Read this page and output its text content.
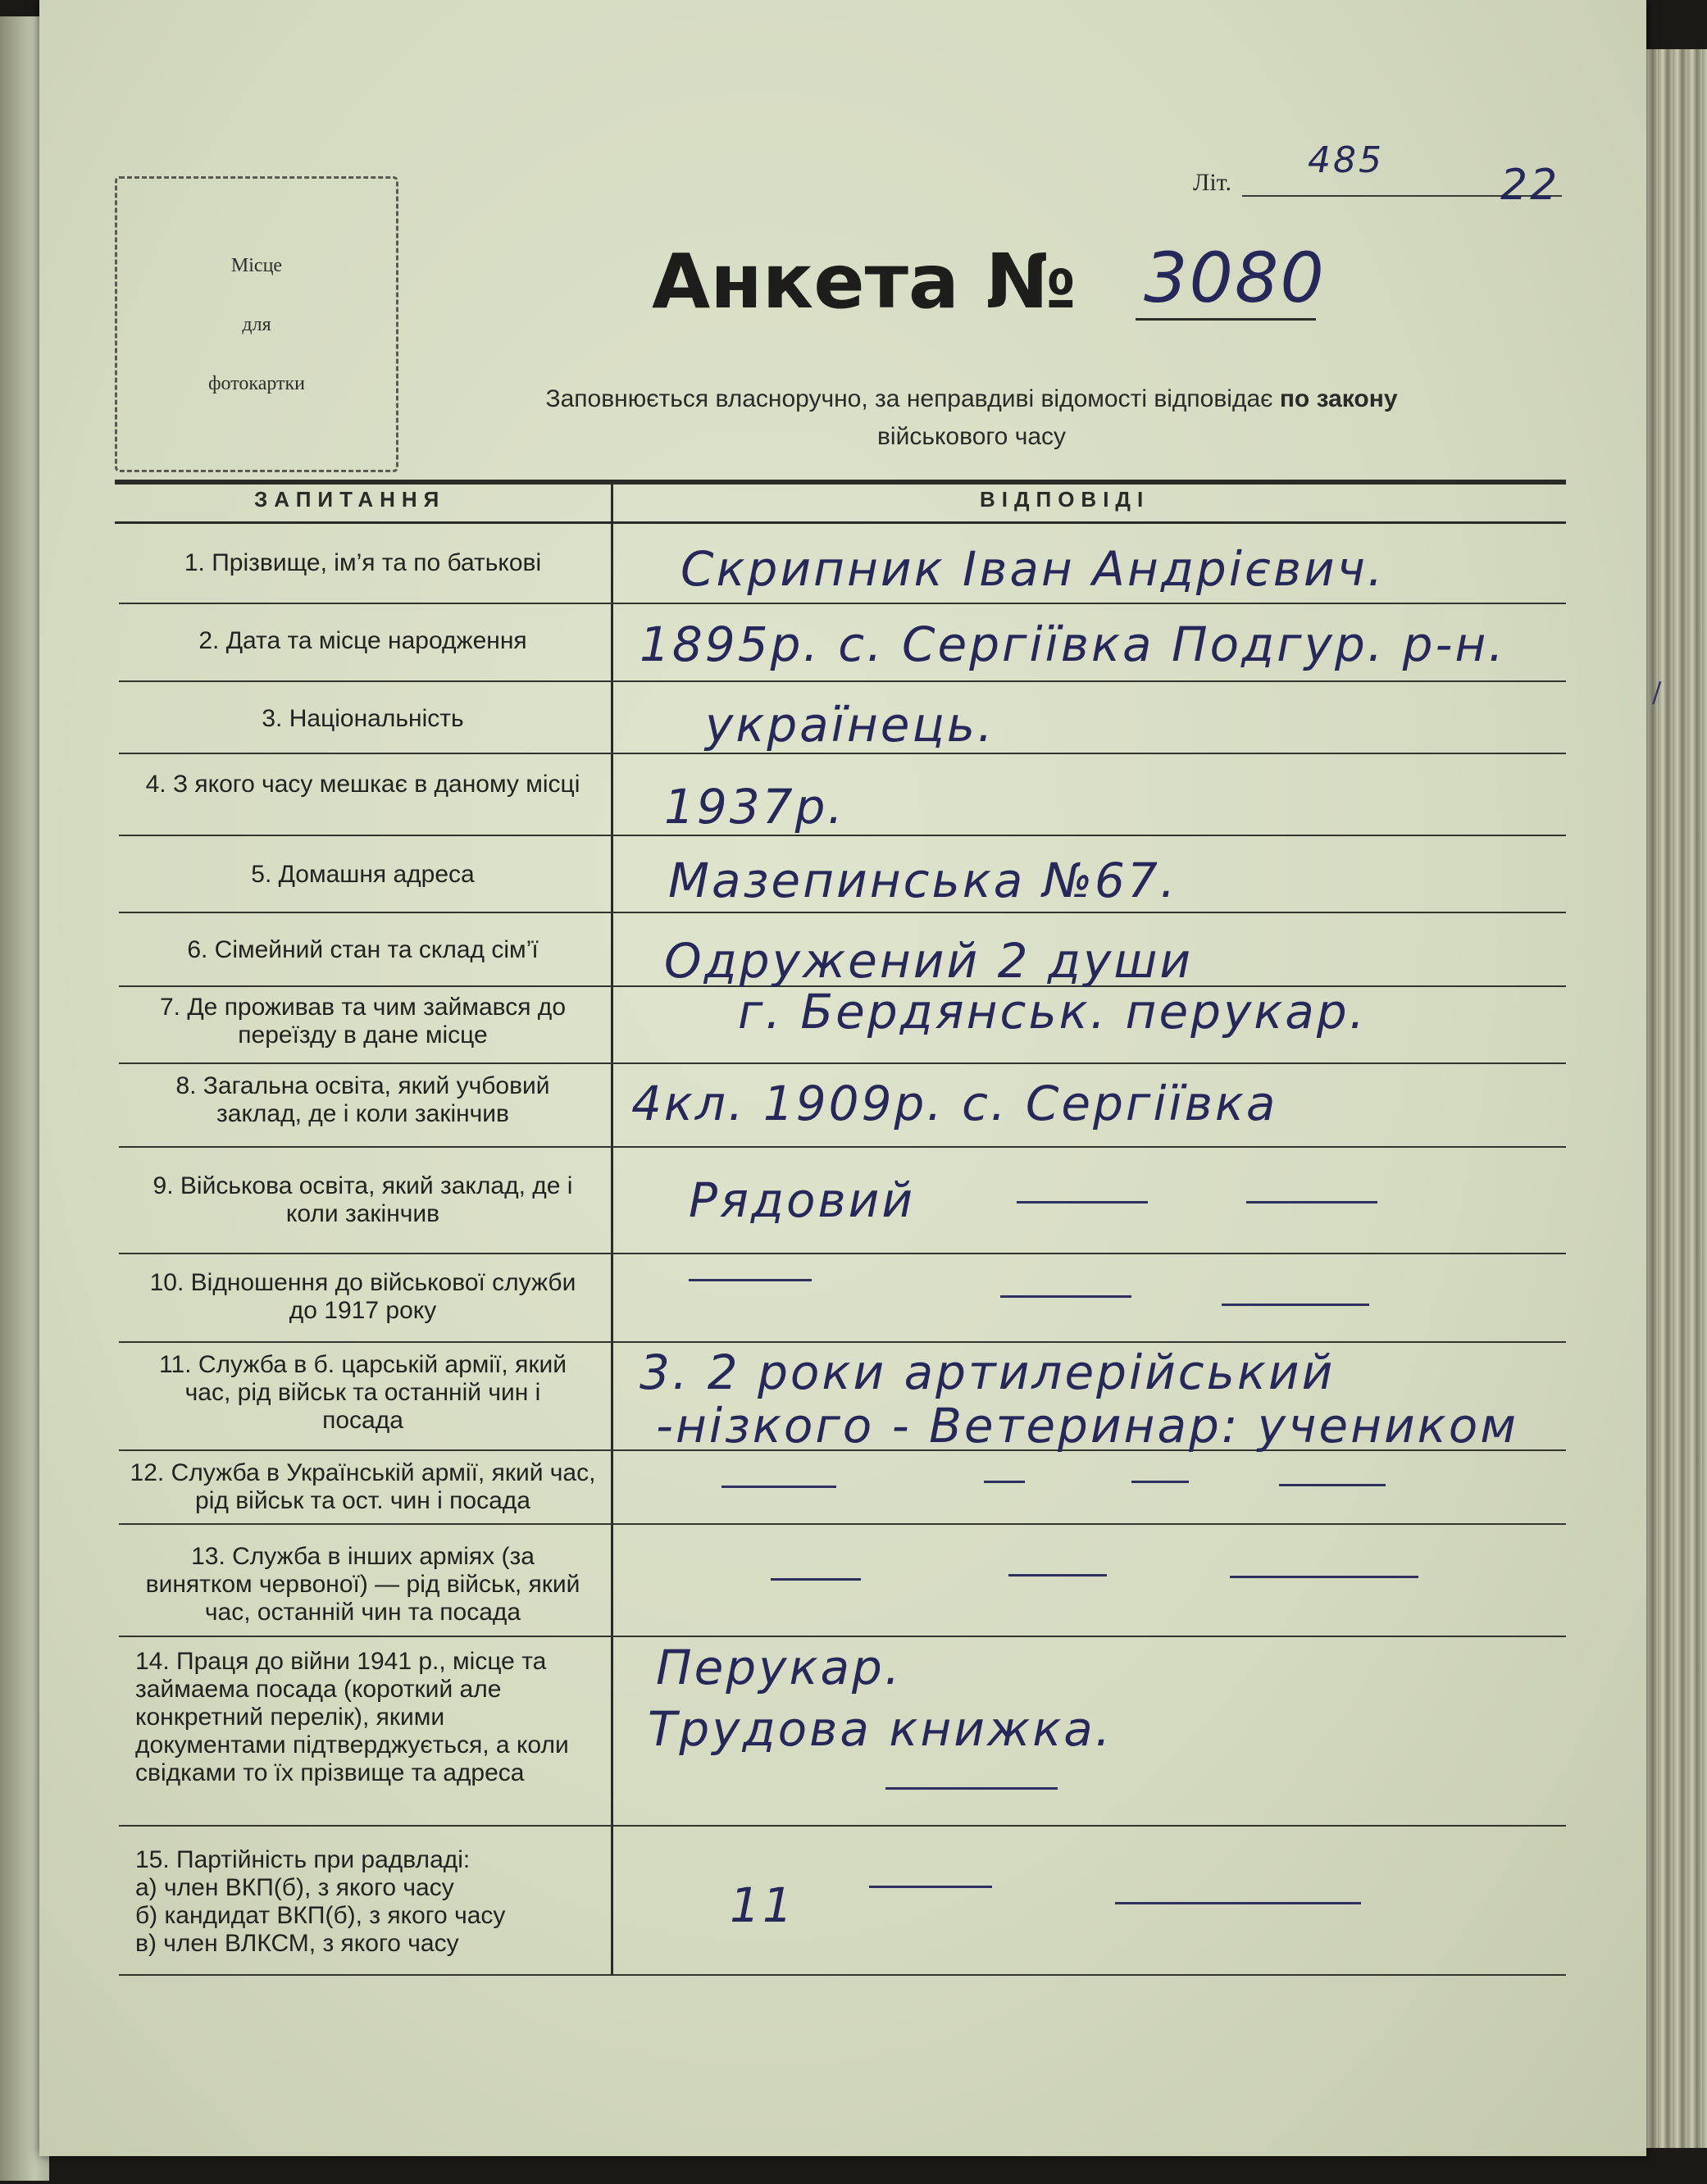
Літ.
485
22
Місце
для
фотокартки
Анкета № 3080
Заповнюється власноручно, за неправдиві відомості відповідає по закону
військового часу
ЗАПИТАННЯ	ВІДПОВІДІ
1. Прізвище, ім’я та по батькові
2. Дата та місце народження
3. Національність
4. З якого часу мешкає в даному місці
5. Домашня адреса
6. Сімейний стан та склад сім’ї
7. Де проживав та чим займався до переїзду в дане місце
8. Загальна освіта, який учбовий заклад, де і коли закінчив
9. Військова освіта, який заклад, де і коли закінчив
10. Відношення до військової служби до 1917 року
11. Служба в б. царській армії, який час, рід військ та останній чин і посада
12. Служба в Українській армії, який час, рід військ та ост. чин і посада
13. Служба в інших арміях (за винятком червоної) — рід військ, який час, останній чин та посада
14. Праця до війни 1941 р., місце та займаема посада (короткий але конкретний перелік), якими документами підтверджується, а коли свідками то їх прізвище та адреса
15. Партійність при радвладі:
а) член ВКП(б), з якого часу
б) кандидат ВКП(б), з якого часу
в) член ВЛКСМ, з якого часу
Скрипник Іван Андрієвич.
1895р. с. Сергіївка Подгур. р-н.
українець.
1937р.
Мазепинська №67.
Одружений 2 души
г. Бердянськ. перукар.
4кл. 1909р. с. Сергіївка
Рядовий
3. 2 роки артилерійський
-нізкого - Ветеринар: учеником
Перукар.
Трудова книжка.
11
/
